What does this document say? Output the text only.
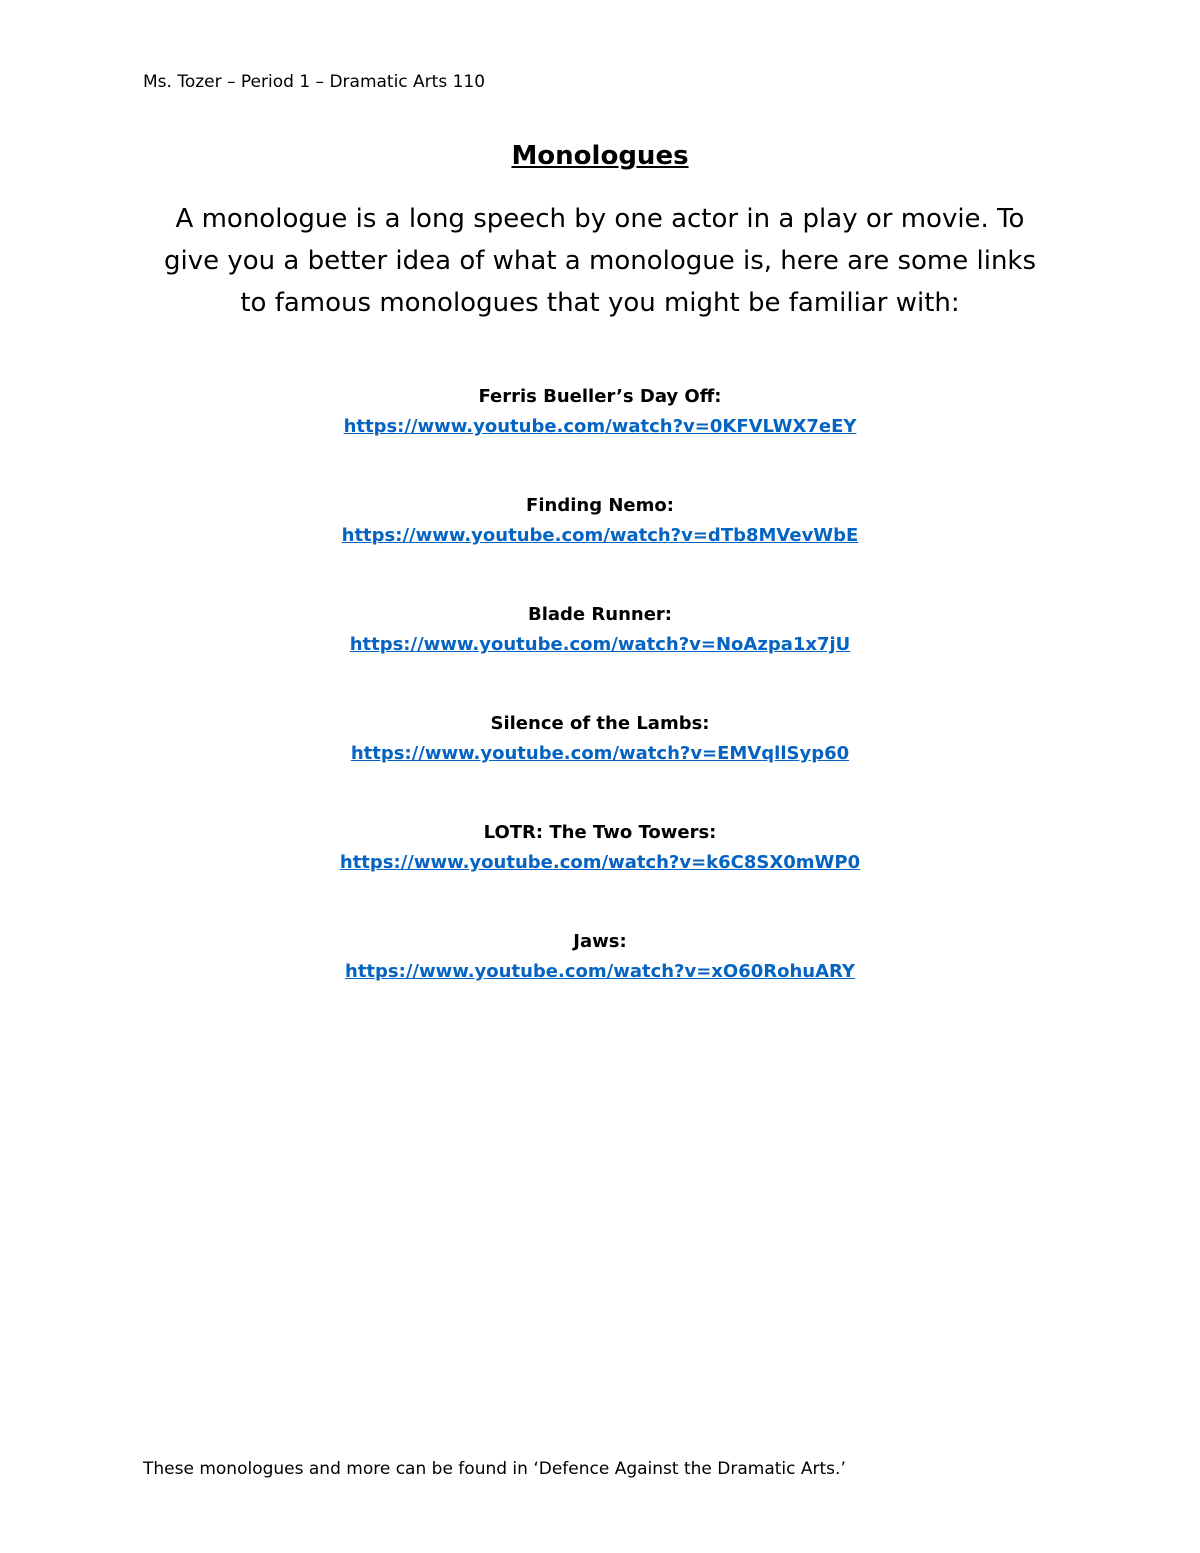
Ms. Tozer – Period 1 – Dramatic Arts 110
Monologues
A monologue is a long speech by one actor in a play or movie. To give you a better idea of what a monologue is, here are some links to famous monologues that you might be familiar with:

Ferris Bueller’s Day Off:

https://www.youtube.com/watch?v=0KFVLWX7eEY

Finding Nemo:

https://www.youtube.com/watch?v=dTb8MVevWbE

Blade Runner:

https://www.youtube.com/watch?v=NoAzpa1x7jU

Silence of the Lambs:

https://www.youtube.com/watch?v=EMVqllSyp60

LOTR: The Two Towers:

https://www.youtube.com/watch?v=k6C8SX0mWP0

Jaws:

https://www.youtube.com/watch?v=xO60RohuARY
These monologues and more can be found in ‘Defence Against the Dramatic Arts.’
